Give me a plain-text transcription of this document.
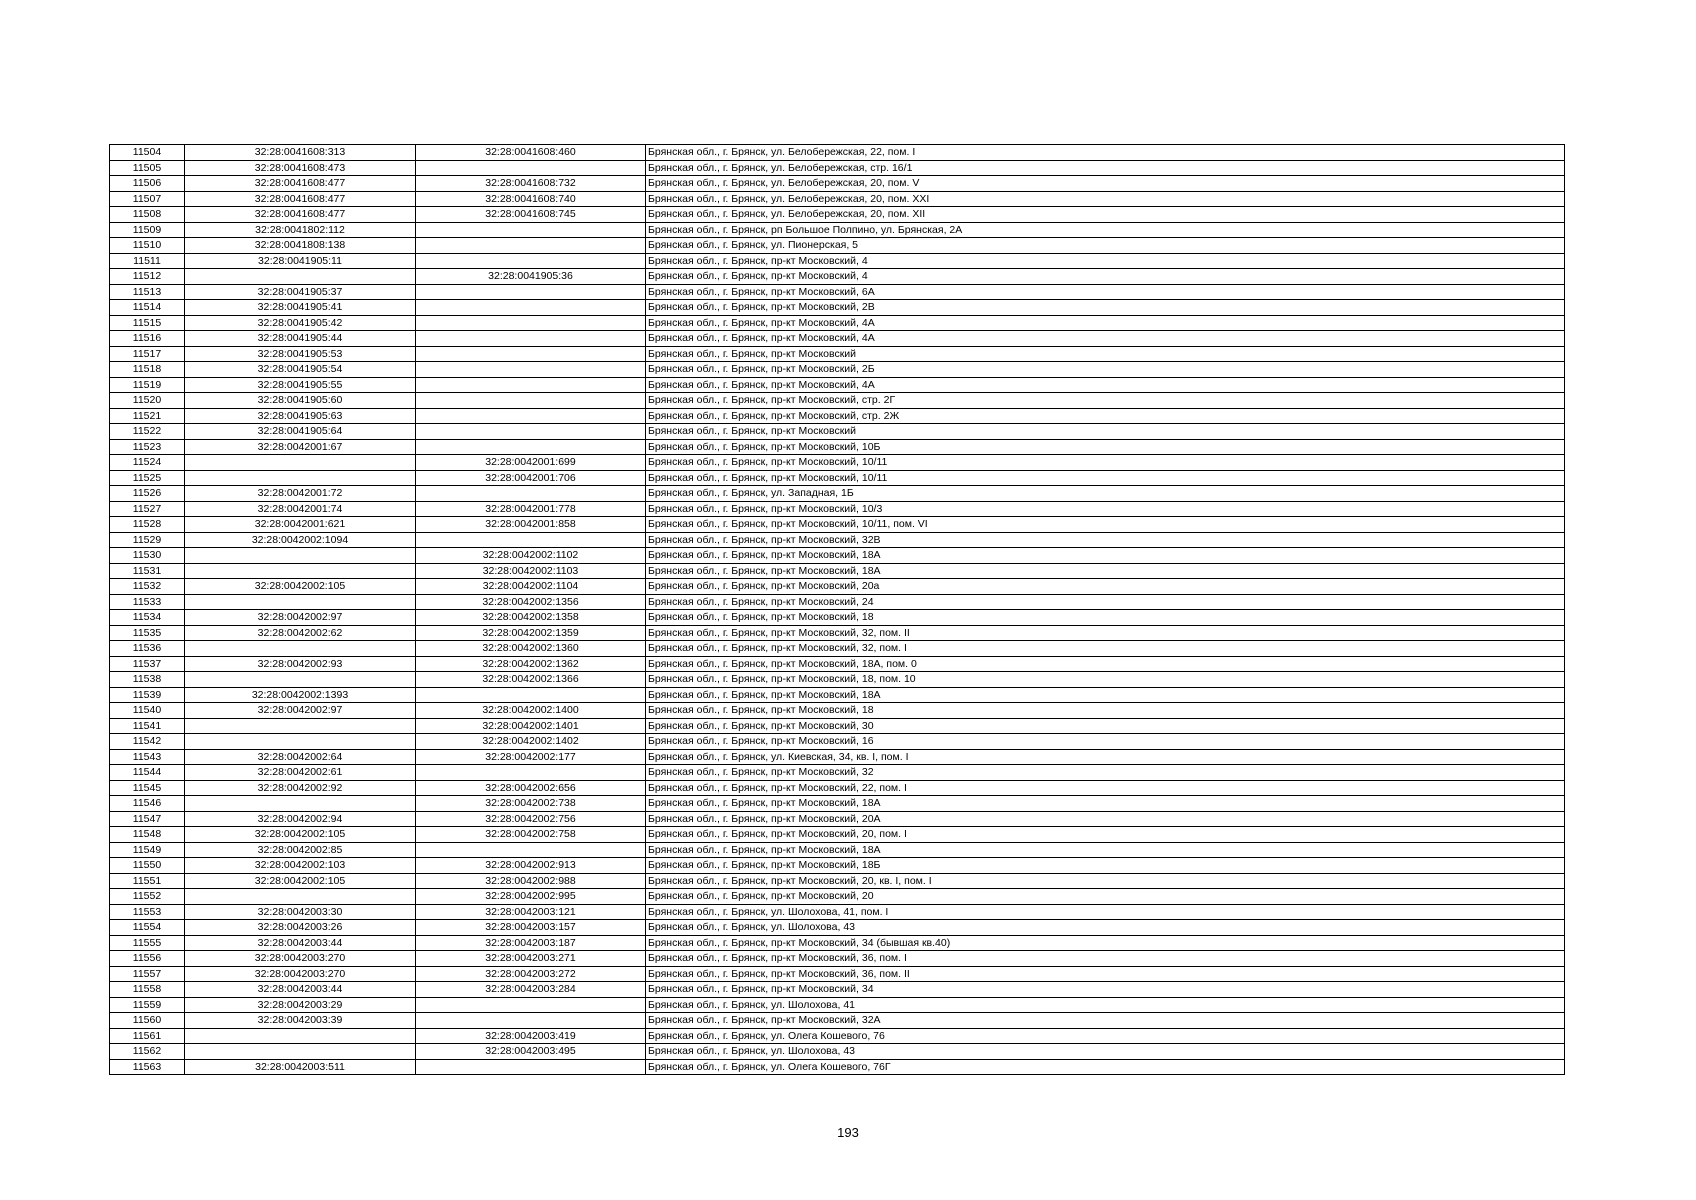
11504	32:28:0041608:313	32:28:0041608:460	Брянская обл., г. Брянск, ул. Белобережская, 22, пом. I
11505	32:28:0041608:473		Брянская обл., г. Брянск, ул. Белобережская, стр. 16/1
11506	32:28:0041608:477	32:28:0041608:732	Брянская обл., г. Брянск, ул. Белобережская, 20, пом. V
11507	32:28:0041608:477	32:28:0041608:740	Брянская обл., г. Брянск, ул. Белобережская, 20, пом. XXI
11508	32:28:0041608:477	32:28:0041608:745	Брянская обл., г. Брянск, ул. Белобережская, 20, пом. XII
11509	32:28:0041802:112		Брянская обл., г. Брянск, рп Большое Полпино, ул. Брянская, 2А
11510	32:28:0041808:138		Брянская обл., г. Брянск, ул. Пионерская, 5
11511	32:28:0041905:11		Брянская обл., г. Брянск, пр-кт Московский, 4
11512		32:28:0041905:36	Брянская обл., г. Брянск, пр-кт Московский, 4
11513	32:28:0041905:37		Брянская обл., г. Брянск, пр-кт Московский, 6А
11514	32:28:0041905:41		Брянская обл., г. Брянск, пр-кт Московский, 2В
11515	32:28:0041905:42		Брянская обл., г. Брянск, пр-кт Московский, 4А
11516	32:28:0041905:44		Брянская обл., г. Брянск, пр-кт Московский, 4А
11517	32:28:0041905:53		Брянская обл., г. Брянск, пр-кт Московский
11518	32:28:0041905:54		Брянская обл., г. Брянск, пр-кт Московский, 2Б
11519	32:28:0041905:55		Брянская обл., г. Брянск, пр-кт Московский, 4А
11520	32:28:0041905:60		Брянская обл., г. Брянск, пр-кт Московский, стр. 2Г
11521	32:28:0041905:63		Брянская обл., г. Брянск, пр-кт Московский, стр. 2Ж
11522	32:28:0041905:64		Брянская обл., г. Брянск, пр-кт Московский
11523	32:28:0042001:67		Брянская обл., г. Брянск, пр-кт Московский, 10Б
11524		32:28:0042001:699	Брянская обл., г. Брянск, пр-кт Московский, 10/11
11525		32:28:0042001:706	Брянская обл., г. Брянск, пр-кт Московский, 10/11
11526	32:28:0042001:72		Брянская обл., г. Брянск, ул. Западная, 1Б
11527	32:28:0042001:74	32:28:0042001:778	Брянская обл., г. Брянск, пр-кт Московский, 10/3
11528	32:28:0042001:621	32:28:0042001:858	Брянская обл., г. Брянск, пр-кт Московский, 10/11, пом. VI
11529	32:28:0042002:1094		Брянская обл., г. Брянск, пр-кт Московский, 32В
11530		32:28:0042002:1102	Брянская обл., г. Брянск, пр-кт Московский, 18А
11531		32:28:0042002:1103	Брянская обл., г. Брянск, пр-кт Московский, 18А
11532	32:28:0042002:105	32:28:0042002:1104	Брянская обл., г. Брянск, пр-кт Московский, 20а
11533		32:28:0042002:1356	Брянская обл., г. Брянск, пр-кт Московский, 24
11534	32:28:0042002:97	32:28:0042002:1358	Брянская обл., г. Брянск, пр-кт Московский, 18
11535	32:28:0042002:62	32:28:0042002:1359	Брянская обл., г. Брянск, пр-кт Московский, 32, пом. II
11536		32:28:0042002:1360	Брянская обл., г. Брянск, пр-кт Московский, 32, пом. I
11537	32:28:0042002:93	32:28:0042002:1362	Брянская обл., г. Брянск, пр-кт Московский, 18А, пом. 0
11538		32:28:0042002:1366	Брянская обл., г. Брянск, пр-кт Московский, 18, пом. 10
11539	32:28:0042002:1393		Брянская обл., г. Брянск, пр-кт Московский, 18А
11540	32:28:0042002:97	32:28:0042002:1400	Брянская обл., г. Брянск, пр-кт Московский, 18
11541		32:28:0042002:1401	Брянская обл., г. Брянск, пр-кт Московский, 30
11542		32:28:0042002:1402	Брянская обл., г. Брянск, пр-кт Московский, 16
11543	32:28:0042002:64	32:28:0042002:177	Брянская обл., г. Брянск, ул. Киевская, 34, кв. I, пом. I
11544	32:28:0042002:61		Брянская обл., г. Брянск, пр-кт Московский, 32
11545	32:28:0042002:92	32:28:0042002:656	Брянская обл., г. Брянск, пр-кт Московский, 22, пом. I
11546		32:28:0042002:738	Брянская обл., г. Брянск, пр-кт Московский, 18А
11547	32:28:0042002:94	32:28:0042002:756	Брянская обл., г. Брянск, пр-кт Московский, 20А
11548	32:28:0042002:105	32:28:0042002:758	Брянская обл., г. Брянск, пр-кт Московский, 20, пом. I
11549	32:28:0042002:85		Брянская обл., г. Брянск, пр-кт Московский, 18А
11550	32:28:0042002:103	32:28:0042002:913	Брянская обл., г. Брянск, пр-кт Московский, 18Б
11551	32:28:0042002:105	32:28:0042002:988	Брянская обл., г. Брянск, пр-кт Московский, 20, кв. I, пом. I
11552		32:28:0042002:995	Брянская обл., г. Брянск, пр-кт Московский, 20
11553	32:28:0042003:30	32:28:0042003:121	Брянская обл., г. Брянск, ул. Шолохова, 41, пом. I
11554	32:28:0042003:26	32:28:0042003:157	Брянская обл., г. Брянск, ул. Шолохова, 43
11555	32:28:0042003:44	32:28:0042003:187	Брянская обл., г. Брянск, пр-кт Московский, 34 (бывшая кв.40)
11556	32:28:0042003:270	32:28:0042003:271	Брянская обл., г. Брянск, пр-кт Московский, 36, пом. I
11557	32:28:0042003:270	32:28:0042003:272	Брянская обл., г. Брянск, пр-кт Московский, 36, пом. II
11558	32:28:0042003:44	32:28:0042003:284	Брянская обл., г. Брянск, пр-кт Московский, 34
11559	32:28:0042003:29		Брянская обл., г. Брянск, ул. Шолохова, 41
11560	32:28:0042003:39		Брянская обл., г. Брянск, пр-кт Московский, 32А
11561		32:28:0042003:419	Брянская обл., г. Брянск, ул. Олега Кошевого, 76
11562		32:28:0042003:495	Брянская обл., г. Брянск, ул. Шолохова, 43
11563	32:28:0042003:511		Брянская обл., г. Брянск, ул. Олега Кошевого, 76Г
193
